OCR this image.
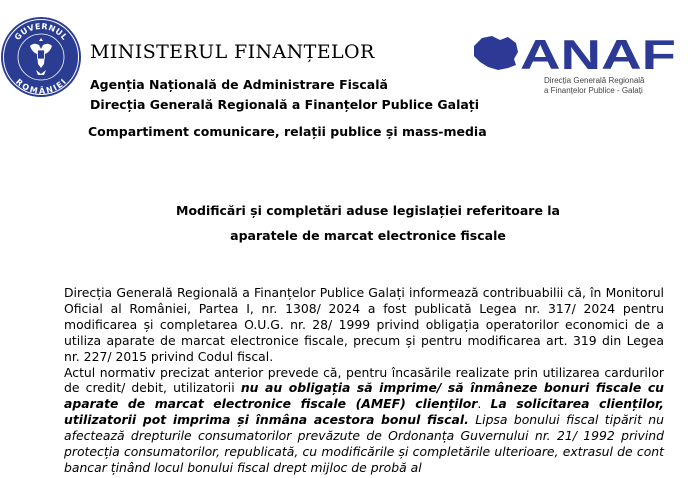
GUVERNUL
ROMÂNIEI
MINISTERUL FINANȚELOR
Agenția Națională de Administrare Fiscală
Direcția Generală Regională a Finanțelor Publice Galați
Compartiment comunicare, relații publice și mass-media
ANAF
Direcția Generală Regională
a Finanțelor Publice - Galați
Modificări și completări aduse legislației referitoare la
aparatele de marcat electronice fiscale

Direcția Generală Regională a Finanțelor Publice Galați informează contribuabilii că, în Monitorul Oficial al României, Partea I, nr. 1308/ 2024 a fost publicată Legea nr. 317/ 2024 pentru modificarea și completarea O.U.G. nr. 28/ 1999 privind obligația operatorilor economici de a utiliza aparate de marcat electronice fiscale, precum și pentru modificarea art. 319 din Legea nr. 227/ 2015 privind Codul fiscal.

Actul normativ precizat anterior prevede că, pentru încasările realizate prin utilizarea cardurilor de credit/ debit, utilizatorii nu au obligația să imprime/ să înmâneze bonuri fiscale cu aparate de marcat electronice fiscale (AMEF) clienților. La solicitarea clienților, utilizatorii pot imprima și înmâna acestora bonul fiscal. Lipsa bonului fiscal tipărit nu afectează drepturile consumatorilor prevăzute de Ordonanța Guvernului nr. 21/ 1992 privind protecția consumatorilor, republicată, cu modificările și completările ulterioare, extrasul de cont bancar ținând locul bonului fiscal drept mijloc de probă al
